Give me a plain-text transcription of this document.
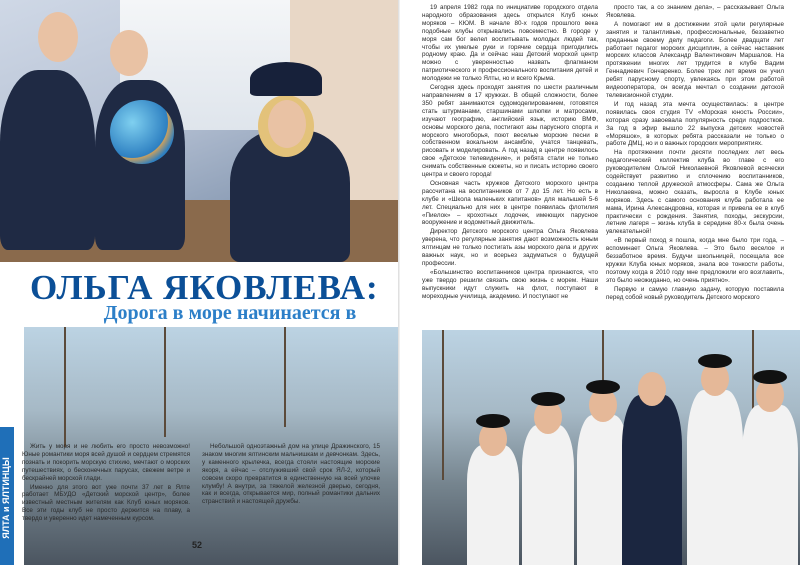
ОЛЬГА ЯКОВЛЕВА:
Дорога в море начинается в

ЯЛТА и ЯЛТИНЦЫ

Жить у моря и не любить его просто невозможно! Юные романтики моря всей душой и сердцем стремятся познать и покорить морскую стихию, мечтают о морских путешествиях, о бесконечных парусах, свежем ветре и бескрайней морской глади.

Именно для этого вот уже почти 37 лет в Ялте работает МБУДО «Детский морской центр», более известный местным жителям как Клуб юных моряков. Все эти годы клуб не просто держится на плаву, а твердо и уверенно идет намеченным курсом.

Небольшой одноэтажный дом на улице Дражинского, 15 знаком многим ялтинским мальчишкам и девчонкам. Здесь, у каменного крылечка, всегда стояли настоящие морские якоря, а ейчас – отслуживший свой срок ЯЛ-2, который совсем скоро превратится в единственную на всей улочке клумбу! А внутри, за тяжелой железной дверью, сегодня, как и всегда, открывается мир, полный романтики дальних странствий и настоящей дружбы.

52

19 апреля 1982 года по инициативе городского отдела народного образования здесь открылся Клуб юных моряков – КЮМ. В начале 80-х годов прошлого века подобные клубы открывались повсеместно. В городе у моря сам бог велел воспитывать молодых людей так, чтобы их умелые руки и горячие сердца пригодились родному краю. Да и сейчас наш Детский морской центр можно с уверенностью назвать флагманом патриотического и профессионального воспитания детей и молодежи не только Ялты, но и всего Крыма.

Сегодня здесь проходят занятия по шести различным направлениям в 17 кружках. В общей сложности, более 350 ребят занимаются судомоделированием, готовятся стать штурманами, старшинами шлюпки и матросами, изучают географию, английский язык, историю ВМФ, основы морского дела, постигают азы парусного спорта и морского многоборья, поют веселые морские песни в собственном вокальном ансамбле, учатся танцевать, рисовать и моделировать. А год назад в центре появилось свое «Детское телевидение», и ребята стали не только снимать собственные сюжеты, но и писать историю своего центра и своего города!

Основная часть кружков Детского морского центра рассчитана на воспитанников от 7 до 15 лет. Но есть в клубе и «Школа маленьких капитанов» для малышей 5-6 лет. Специально для них в центре появилась флотилия «Пиелок» – крохотных лодочек, имеющих парусное вооружение и водометный движитель.

Директор Детского морского центра Ольга Яковлева уверена, что регулярные занятия дают возможность юным ялтинцам не только постигать азы морского дела и других важных наук, но и всерьез задуматься о будущей профессии.

«Большинство воспитанников центра признаются, что уже твердо решили связать свою жизнь с морем. Наши выпускники идут служить на флот, поступают в мореходные училища, академию. И поступают не

просто так, а со знанием дела», – рассказывает Ольга Яковлева.

А помогают им в достижении этой цели регулярные занятия и талантливые, профессиональные, беззаветно преданные своему делу педагоги. Более двадцати лет работает педагог морских дисциплин, а сейчас наставник морских классов Александр Валентинович Маршалов. На протяжении многих лет трудится в клубе Вадим Геннадиевич Гончаренко. Более трех лет время он учил ребят парусному спорту, увлекаясь при этом работой видеооператора, он всегда мечтал о создании детской телевизионной студии.

И год назад эта мечта осуществилась: в центре появилась своя студия TV «Морская юность России», которая сразу завоевала популярность среди подростков. За год в эфир вышло 22 выпуска детских новостей «Моряшок», в которых ребята рассказали не только о работе ДМЦ, но и о важных городских мероприятиях.

На протяжении почти десяти последних лет весь педагогический коллектив клуба во главе с его руководителем Ольгой Николаевной Яковлевой всячески содействует развитию и сплочению воспитанников, созданию теплой дружеской атмосферы. Сама же Ольга Николаевна, можно сказать, выросла в Клубе юных моряков. Здесь с самого основания клуба работала ее мама, Ирина Александровна, которая и привела ее в клуб практически с рождения. Занятия, походы, экскурсии, летние лагеря – жизнь клуба в середине 80-х была очень увлекательной!

«В первый поход я пошла, когда мне было три года, – вспоминает Ольга Яковлева. – Это было веселое и беззаботное время. Будучи школьницей, посещала все кружки Клуба юных моряков, знала все тонкости работы, поэтому когда в 2010 году мне предложили его возглавить, это было неожиданно, но очень приятно».

Первую и самую главную задачу, которую поставила перед собой новый руководитель Детского морского
